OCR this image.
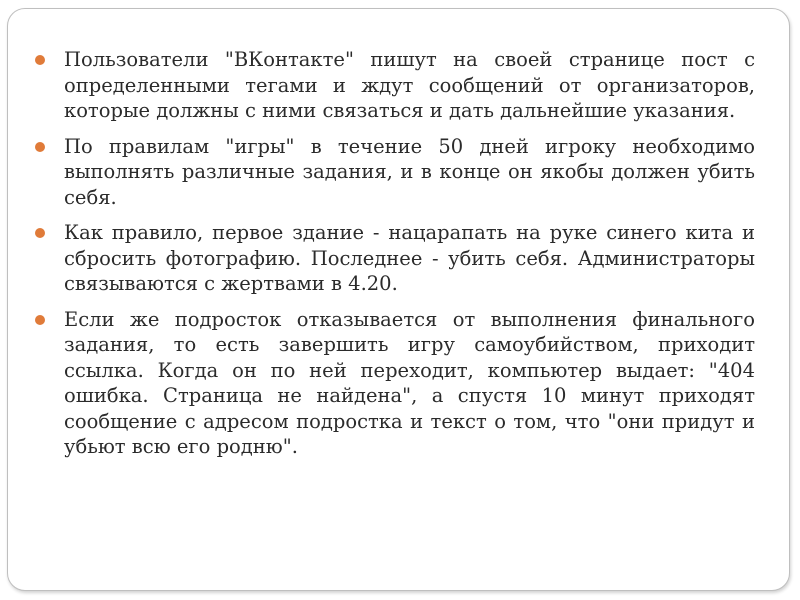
Пользователи "ВКонтакте" пишут на своей странице пост с определенными тегами и ждут сообщений от организаторов, которые должны с ними связаться и дать дальнейшие указания.
По правилам "игры" в течение 50 дней игроку необходимо выполнять различные задания, и в конце он якобы должен убить себя.
Как правило, первое здание - нацарапать на руке синего кита и сбросить фотографию. Последнее - убить себя. Администраторы связываются с жертвами в 4.20.
Если же подросток отказывается от выполнения финального задания, то есть завершить игру самоубийством, приходит ссылка. Когда он по ней переходит, компьютер выдает: "404 ошибка. Страница не найдена", а спустя 10 минут приходят сообщение с адресом подростка и текст о том, что "они придут и убьют всю его родню".
